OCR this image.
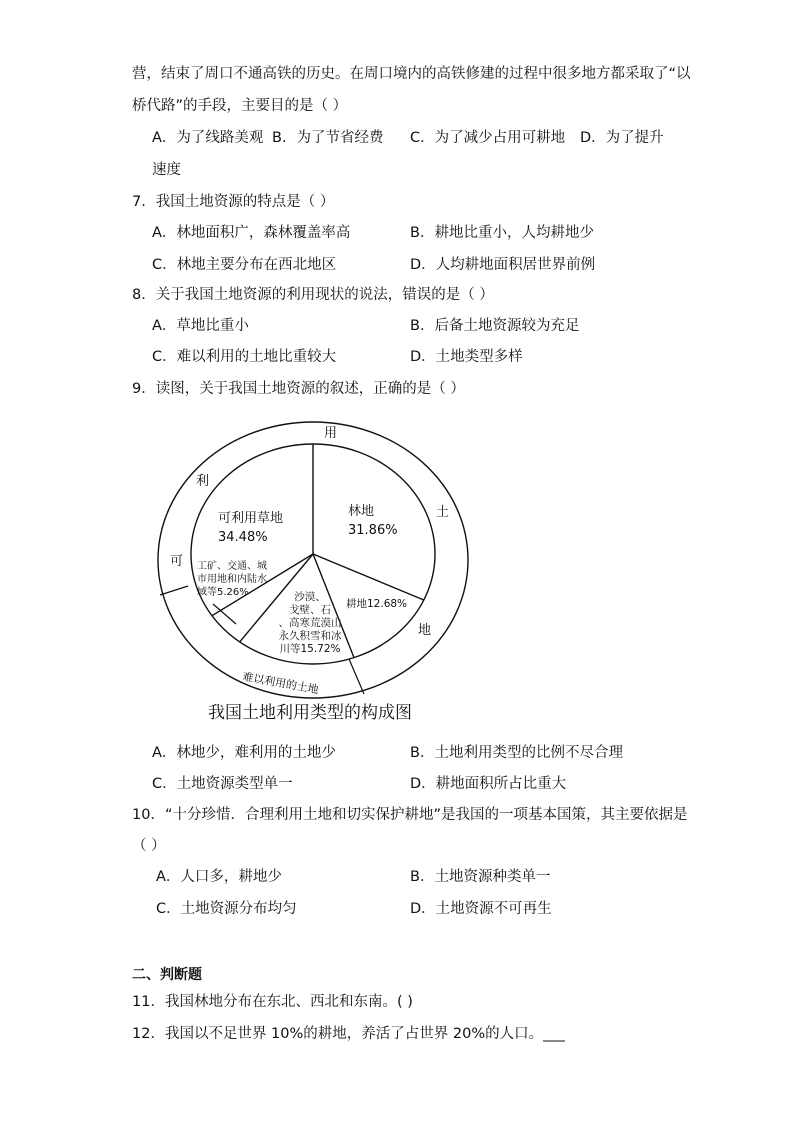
营，结束了周口不通高铁的历史。在周口境内的高铁修建的过程中很多地方都采取了“以
桥代路”的手段，主要目的是（ ）
A．为了线路美观 B．为了节省经费 C．为了减少占用可耕地 D．为了提升
速度
7．我国土地资源的特点是（ ）
A．林地面积广，森林覆盖率高	B．耕地比重小，人均耕地少
C．林地主要分布在西北地区	D．人均耕地面积居世界前例
8．关于我国土地资源的利用现状的说法，错误的是（ ）
A．草地比重小	B．后备土地资源较为充足
C．难以利用的土地比重较大	D．土地类型多样
9．读图，关于我国土地资源的叙述，正确的是（ ）
用
利
可
土
地
难以利用的土地
林地 31.86%
耕地12.68%
沙漠、戈壁、石、高寒荒漠山永久积雪和冰川等15.72%
工矿、交通、城市用地和内陆水域等5.26%
可利用草地 34.48%
我国土地利用类型的构成图
A．林地少，难利用的土地少	B．土地利用类型的比例不尽合理
C．土地资源类型单一	D．耕地面积所占比重大
10．“十分珍惜．合理利用土地和切实保护耕地”是我国的一项基本国策，其主要依据是
（ ）
A．人口多，耕地少	B．土地资源种类单一
C．土地资源分布均匀	D．土地资源不可再生
二、判断题
11．我国林地分布在东北、西北和东南。( )
12．我国以不足世界 10%的耕地，养活了占世界 20%的人口。___
